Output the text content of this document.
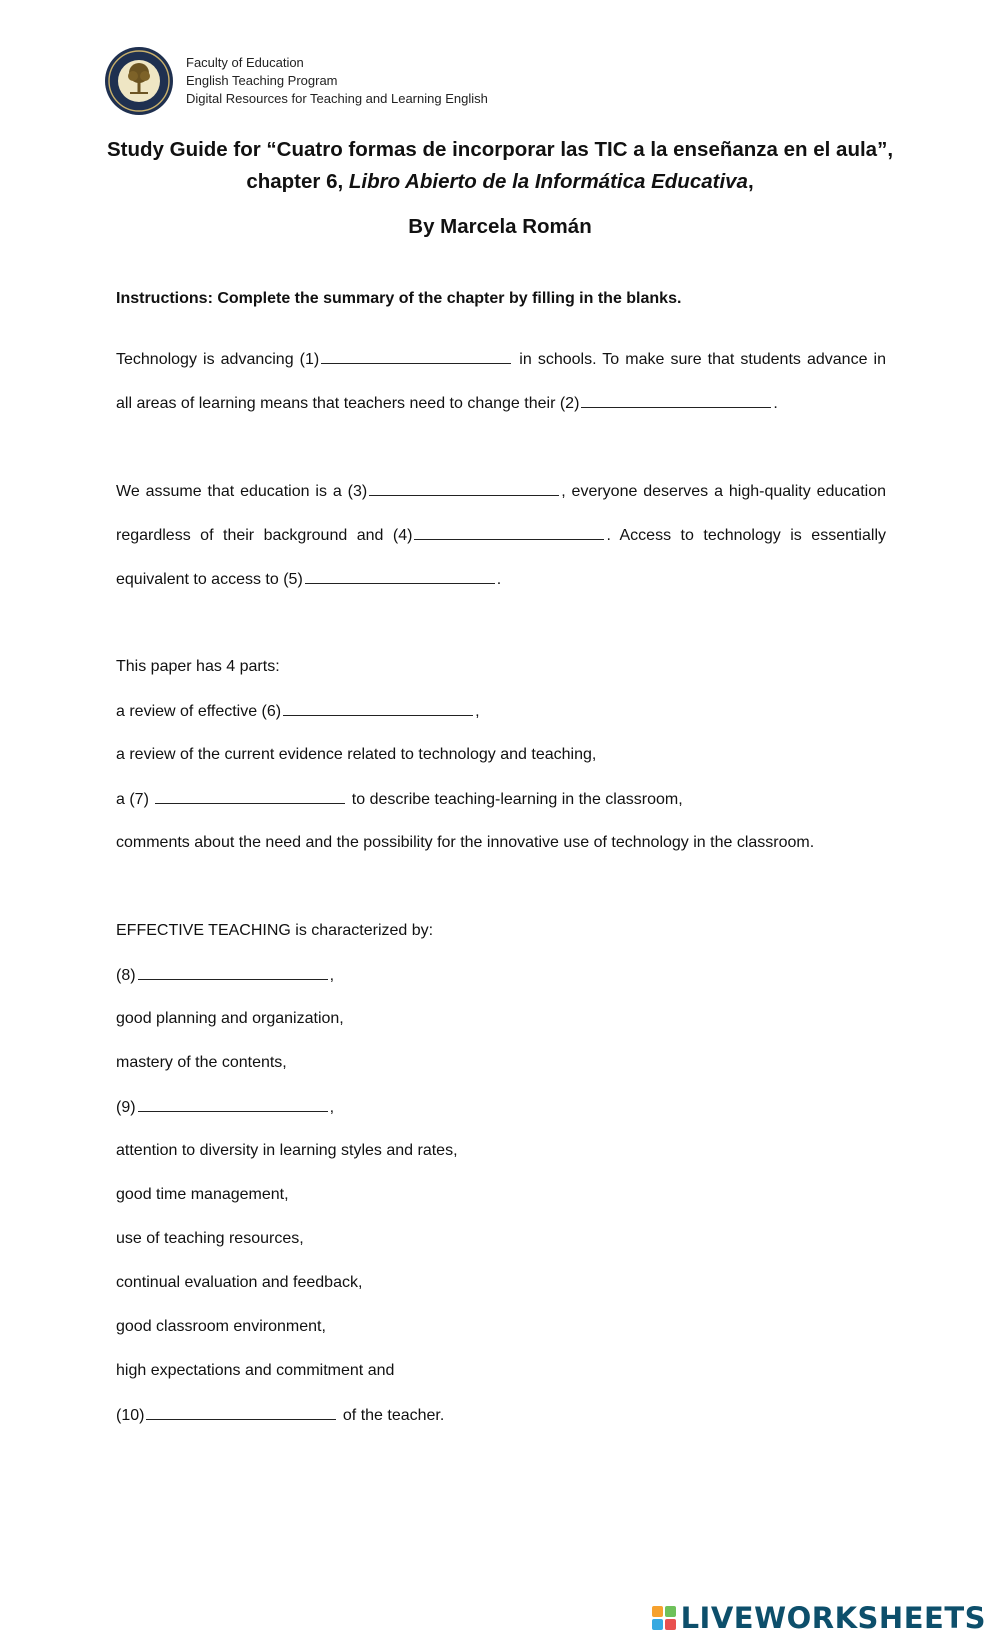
Faculty of Education
English Teaching Program
Digital Resources for Teaching and Learning English
Study Guide for “Cuatro formas de incorporar las TIC a la enseñanza en el aula”,
chapter 6, Libro Abierto de la Informática Educativa,
By Marcela Román
Instructions: Complete the summary of the chapter by filling in the blanks.
Technology is advancing (1)	in schools. To make sure that students advance in
all areas of learning means that teachers need to change their (2)	.
We assume that education is a (3)	, everyone deserves a high-quality education
regardless of their background and (4)	. Access to technology is essentially
equivalent to access to (5)	.
This paper has 4 parts:
a review of effective (6)	,
a review of the current evidence related to technology and teaching,
a (7)	to describe teaching-learning in the classroom,
comments about the need and the possibility for the innovative use of technology in the classroom.
EFFECTIVE TEACHING is characterized by:
(8)	,
good planning and organization,
mastery of the contents,
(9)	,
attention to diversity in learning styles and rates,
good time management,
use of teaching resources,
continual evaluation and feedback,
good classroom environment,
high expectations and commitment and
(10)	of the teacher.
LIVEWORKSHEETS
